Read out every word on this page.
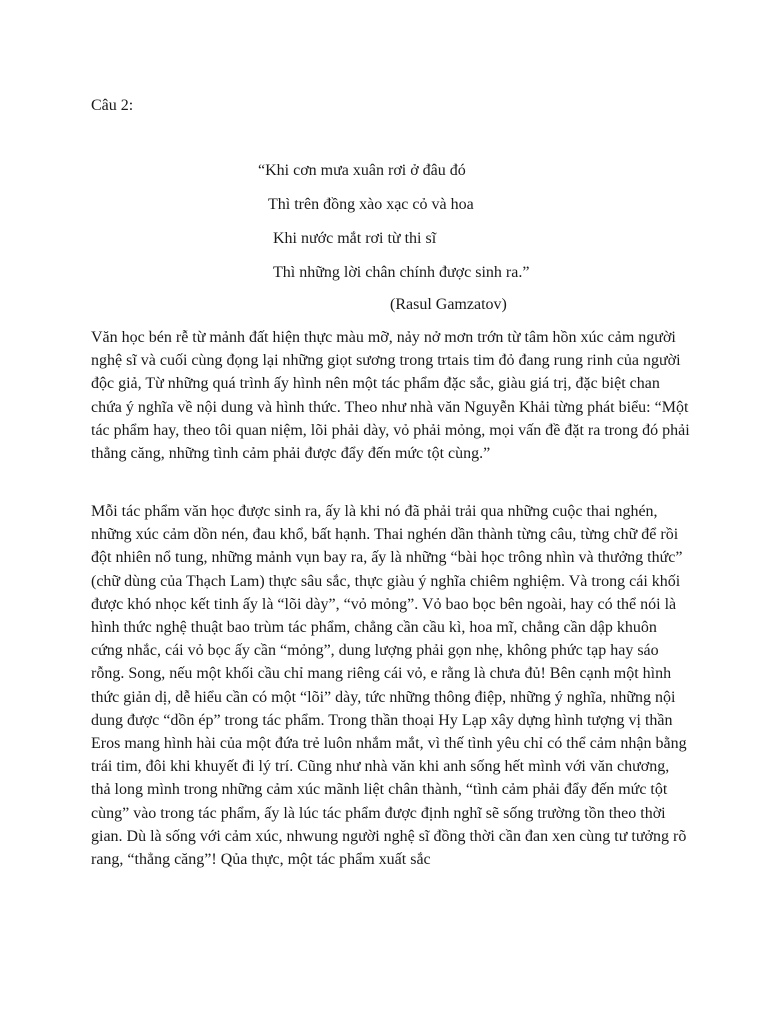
Câu 2:
“Khi cơn mưa xuân rơi ở đâu đó
Thì trên đồng xào xạc cỏ và hoa
Khi nước mắt rơi từ thi sĩ
Thì những lời chân chính được sinh ra.”
(Rasul Gamzatov)

Văn học bén rễ từ mảnh đất hiện thực màu mỡ, nảy nở mơn trớn từ tâm hồn xúc cảm người nghệ sĩ và cuối cùng đọng lại những giọt sương trong trtais tim đỏ đang rung rinh của người độc giả, Từ những quá trình ấy hình nên một tác phẩm đặc sắc, giàu giá trị, đặc biệt chan chứa ý nghĩa về nội dung và hình thức. Theo như nhà văn Nguyễn Khải từng phát biểu: “Một tác phẩm hay, theo tôi quan niệm, lõi phải dày, vỏ phải mỏng, mọi vấn đề đặt ra trong đó phải thẳng căng, những tình cảm phải được đẩy đến mức tột cùng.”

Mỗi tác phẩm văn học được sinh ra, ấy là khi nó đã phải trải qua những cuộc thai nghén, những xúc cảm dồn nén, đau khổ, bất hạnh. Thai nghén dần thành từng câu, từng chữ để rồi đột nhiên nổ tung, những mảnh vụn bay ra, ấy là những “bài học trông nhìn và thưởng thức” (chữ dùng của Thạch Lam) thực sâu sắc, thực giàu ý nghĩa chiêm nghiệm. Và trong cái khối được khó nhọc kết tinh ấy là “lõi dày”, “vỏ mỏng”. Vỏ bao bọc bên ngoài, hay có thể nói là hình thức nghệ thuật bao trùm tác phẩm, chẳng cần cầu kì, hoa mĩ, chẳng cần dập khuôn cứng nhắc, cái vỏ bọc ấy cần “mỏng”, dung lượng phải gọn nhẹ, không phức tạp hay sáo rỗng. Song, nếu một khối cầu chỉ mang riêng cái vỏ, e rằng là chưa đủ! Bên cạnh một hình thức giản dị, dễ hiểu cần có một “lõi” dày, tức những thông điệp, những ý nghĩa, những nội dung được “dồn ép” trong tác phẩm. Trong thần thoại Hy Lạp xây dựng hình tượng vị thần Eros mang hình hài của một đứa trẻ luôn nhắm mắt, vì thế tình yêu chỉ có thể cảm nhận bằng trái tim, đôi khi khuyết đi lý trí. Cũng như nhà văn khi anh sống hết mình với văn chương, thả long mình trong những cảm xúc mãnh liệt chân thành, “tình cảm phải đẩy đến mức tột cùng” vào trong tác phẩm, ấy là lúc tác phẩm được định nghĩ sẽ sống trường tồn theo thời gian. Dù là sống với cảm xúc, nhwung người nghệ sĩ đồng thời cần đan xen cùng tư tưởng rõ rang, “thẳng căng”! Qủa thực, một tác phẩm xuất sắc
